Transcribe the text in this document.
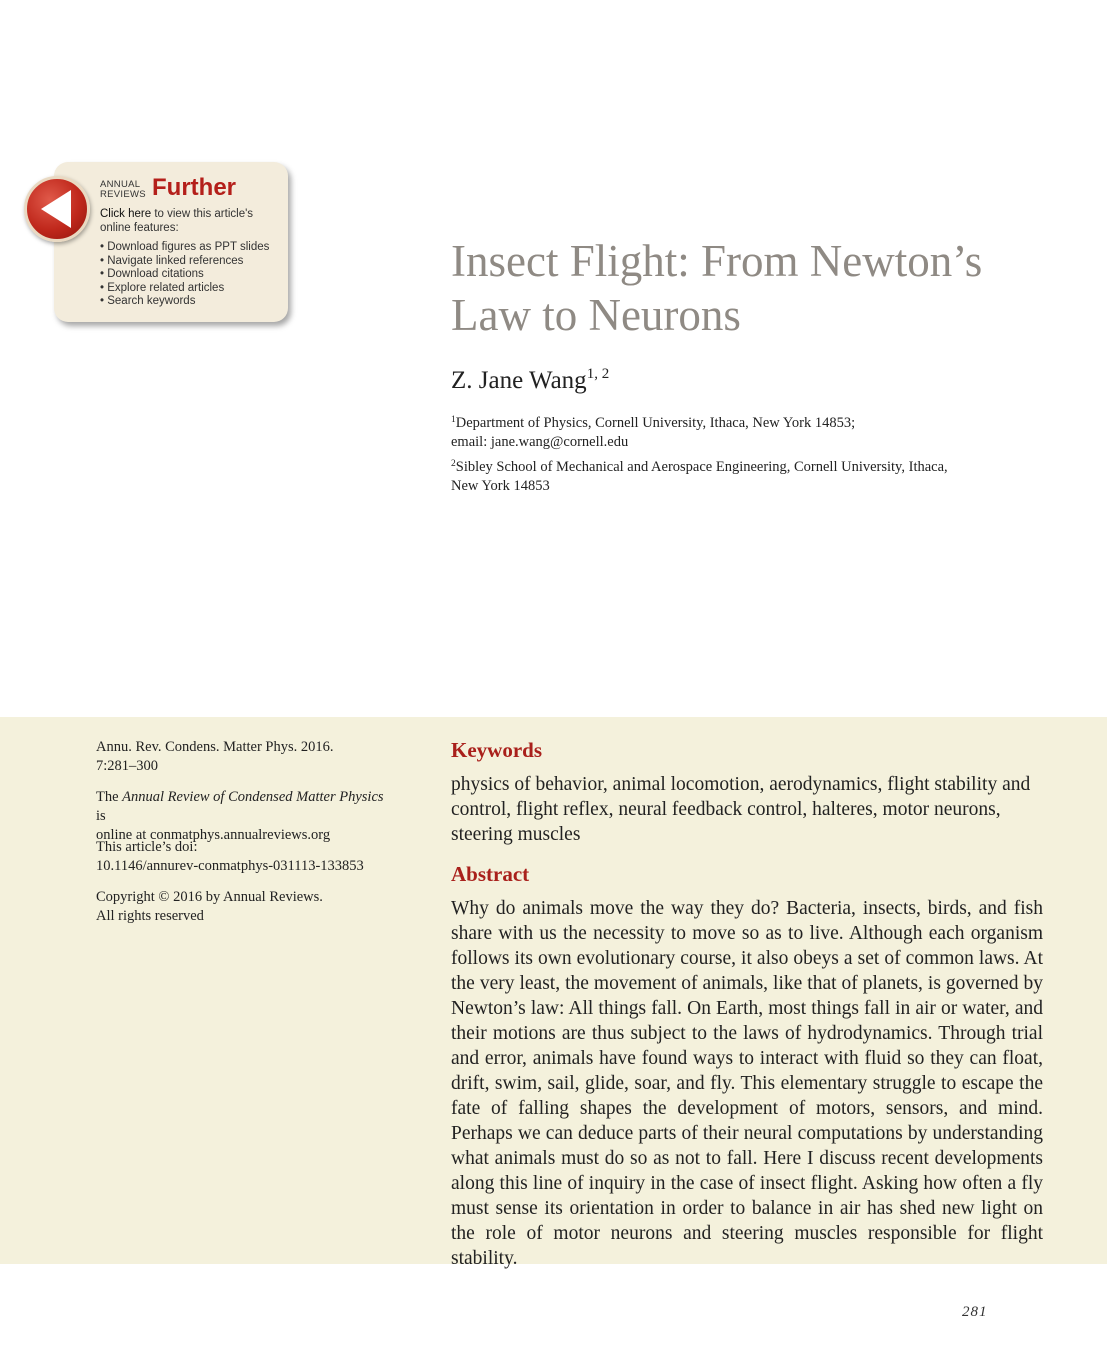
ANNUAL
REVIEWS Further
Click here to view this article's online features:
• Download figures as PPT slides
• Navigate linked references
• Download citations
• Explore related articles
• Search keywords
Insect Flight: From Newton’s
Law to Neurons
Z. Jane Wang$^{1, 2}$
$^1$Department of Physics, Cornell University, Ithaca, New York 14853;
email: jane.wang@cornell.edu
$^2$Sibley School of Mechanical and Aerospace Engineering, Cornell University, Ithaca,
New York 14853
Annu. Rev. Condens. Matter Phys. 2016.
7:281–300
The Annual Review of Condensed Matter Physics is
online at conmatphys.annualreviews.org
This article’s doi:
10.1146/annurev-conmatphys-031113-133853
Copyright © 2016 by Annual Reviews.
All rights reserved
Keywords
physics of behavior, animal locomotion, aerodynamics, flight stability and control, flight reflex, neural feedback control, halteres, motor neurons, steering muscles
Abstract
Why do animals move the way they do? Bacteria, insects, birds, and fish share with us the necessity to move so as to live. Although each organism follows its own evolutionary course, it also obeys a set of common laws. At the very least, the movement of animals, like that of planets, is governed by Newton’s law: All things fall. On Earth, most things fall in air or water, and their motions are thus subject to the laws of hydrodynamics. Through trial and error, animals have found ways to interact with fluid so they can float, drift, swim, sail, glide, soar, and fly. This elementary struggle to escape the fate of falling shapes the development of motors, sensors, and mind. Perhaps we can deduce parts of their neural computations by understanding what animals must do so as not to fall. Here I discuss recent developments along this line of inquiry in the case of insect flight. Asking how often a fly must sense its orientation in order to balance in air has shed new light on the role of motor neurons and steering muscles responsible for flight stability.
281
